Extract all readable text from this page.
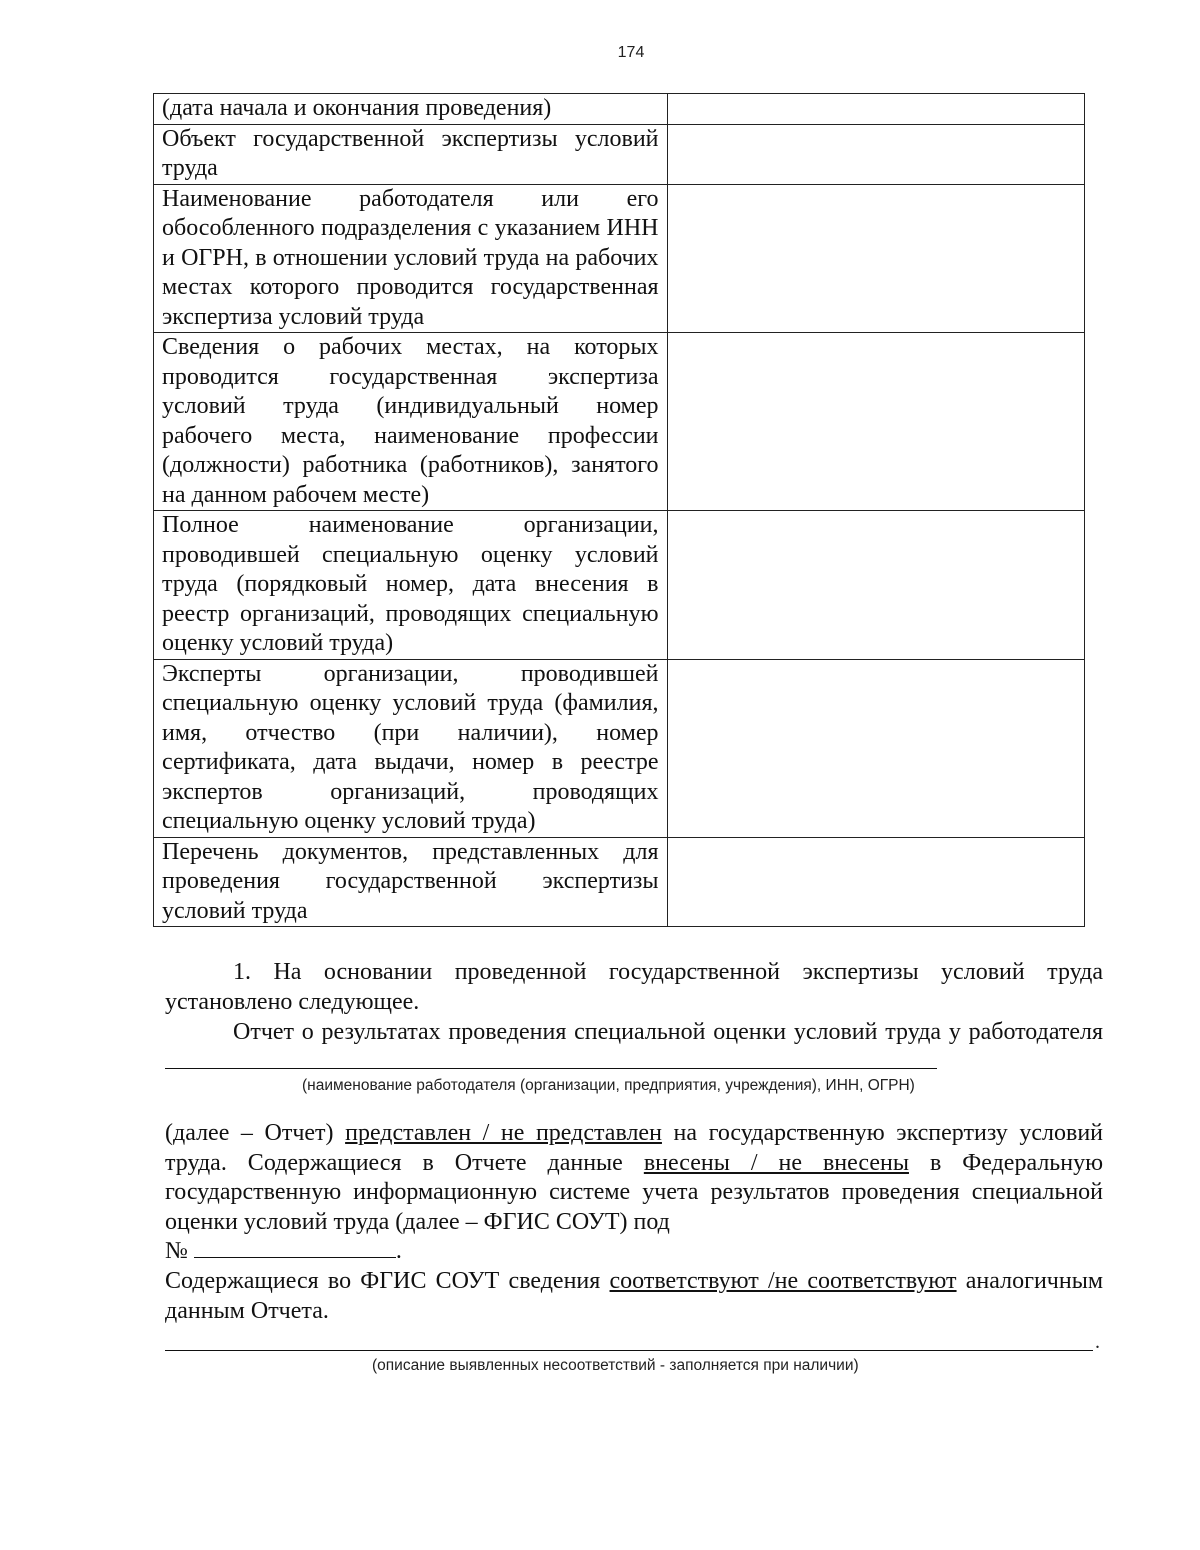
174
(дата начала и окончания проведения)	
Объект государственной экспертизы условий труда	
Наименование работодателя или его обособленного подразделения с указанием ИНН и ОГРН, в отношении условий труда на рабочих местах которого проводится государственная экспертиза условий труда	
Сведения о рабочих местах, на которых проводится государственная экспертиза условий труда (индивидуальный номер рабочего места, наименование профессии (должности) работника (работников), занятого на данном рабочем месте)	
Полное наименование организации, проводившей специальную оценку условий труда (порядковый номер, дата внесения в реестр организаций, проводящих специальную оценку условий труда)	
Эксперты организации, проводившей специальную оценку условий труда (фамилия, имя, отчество (при наличии), номер сертификата, дата выдачи, номер в реестре экспертов организаций, проводящих специальную оценку условий труда)	
Перечень документов, представленных для проведения государственной экспертизы условий труда	

1. На основании проведенной государственной экспертизы условий труда установлено следующее.

Отчет о результатах проведения специальной оценки условий труда у работодателя

(наименование работодателя (организации, предприятия, учреждения), ИНН, ОГРН)

(далее – Отчет) представлен / не представлен на государственную экспертизу условий труда. Содержащиеся в Отчете данные внесены / не внесены в Федеральную государственную информационную системе учета результатов проведения специальной оценки условий труда (далее – ФГИС СОУТ) под
№	.

Содержащиеся во ФГИС СОУТ сведения соответствуют /не соответствуют аналогичным данным Отчета.

.
(описание выявленных несоответствий - заполняется при наличии)
